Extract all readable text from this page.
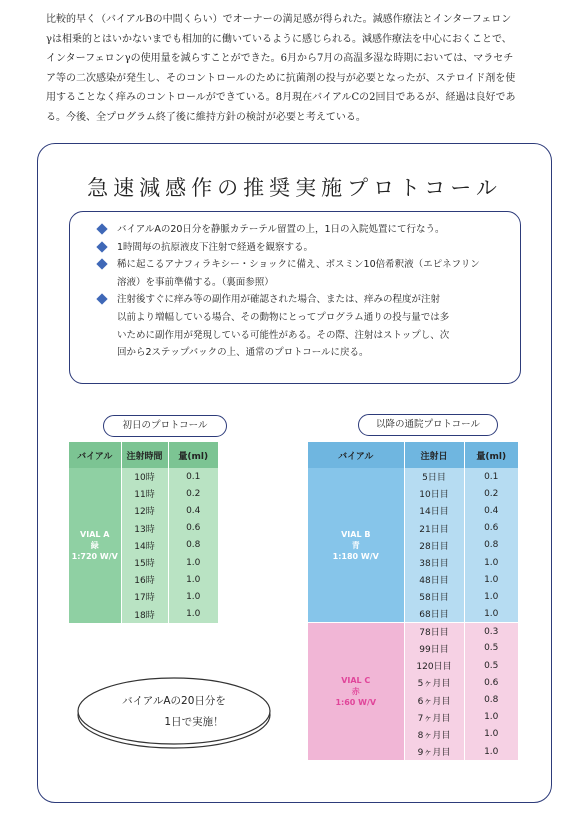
比較的早く（バイアルBの中間くらい）でオーナーの満足感が得られた。減感作療法とインターフェロン
γは相乗的とはいかないまでも相加的に働いているように感じられる。減感作療法を中心におくことで、
インターフェロンγの使用量を減らすことができた。6月から7月の高温多湿な時期においては、マラセチ
ア等の二次感染が発生し、そのコントロールのために抗菌剤の投与が必要となったが、ステロイド剤を使
用することなく痒みのコントロールができている。8月現在バイアルCの2回目であるが、経過は良好であ
る。今後、全プログラム終了後に維持方針の検討が必要と考えている。
急速減感作の推奨実施プロトコール
バイアルAの20日分を静脈カテーテル留置の上，1日の入院処置にて行なう。
1時間毎の抗原液皮下注射で経過を観察する。
稀に起こるアナフィラキシー・ショックに備え、ボスミン10倍希釈液（エピネフリン
溶液）を事前準備する。（裏面参照）
注射後すぐに痒み等の副作用が確認された場合、または、痒みの程度が注射
以前より増幅している場合、その動物にとってプログラム通りの投与量では多
いために副作用が発現している可能性がある。その際、注射はストップし、次
回から2ステップバックの上、通常のプロトコールに戻る。
初日のプロトコール	以降の通院プロトコール
バイアル	注射時間	量(ml)

VIAL A
緑
1:720 W/V	10時	0.1
	11時	0.2
	12時	0.4
	13時	0.6
	14時	0.8
	15時	1.0
	16時	1.0
	17時	1.0
	18時	1.0
バイアル	注射日	量(ml)

VIAL B
青
1:180 W/V	5日目	0.1
	10日目	0.2
	14日目	0.4
	21日目	0.6
	28日目	0.8
	38日目	1.0
	48日目	1.0
	58日目	1.0
	68日目	1.0

VIAL C
赤
1:60 W/V	78日目	0.3
	99日目	0.5
	120日目	0.5
	5ヶ月目	0.6
	6ヶ月目	0.8
	7ヶ月目	1.0
	8ヶ月目	1.0
	9ヶ月目	1.0
バイアルAの20日分を
1日で実施！
